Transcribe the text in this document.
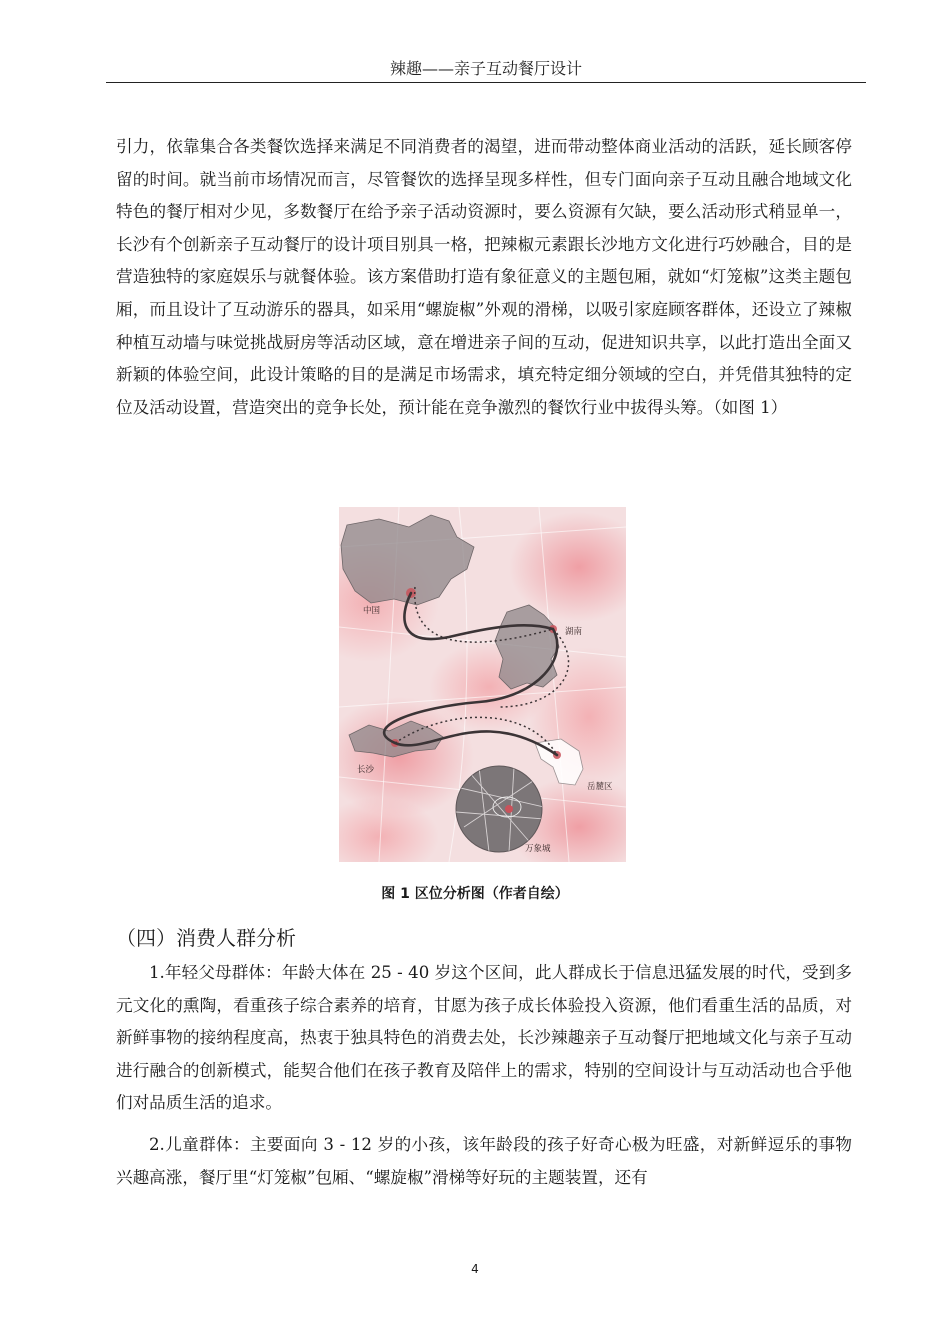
辣趣——亲子互动餐厅设计

引力，依靠集合各类餐饮选择来满足不同消费者的渴望，进而带动整体商业活动的活跃，延长顾客停留的时间。就当前市场情况而言，尽管餐饮的选择呈现多样性，但专门面向亲子互动且融合地域文化特色的餐厅相对少见，多数餐厅在给予亲子活动资源时，要么资源有欠缺，要么活动形式稍显单一，长沙有个创新亲子互动餐厅的设计项目别具一格，把辣椒元素跟长沙地方文化进行巧妙融合，目的是营造独特的家庭娱乐与就餐体验。该方案借助打造有象征意义的主题包厢，就如“灯笼椒”这类主题包厢，而且设计了互动游乐的器具，如采用“螺旋椒”外观的滑梯，以吸引家庭顾客群体，还设立了辣椒种植互动墙与味觉挑战厨房等活动区域，意在增进亲子间的互动，促进知识共享，以此打造出全面又新颖的体验空间，此设计策略的目的是满足市场需求，填充特定细分领域的空白，并凭借其独特的定位及活动设置，营造突出的竞争长处，预计能在竞争激烈的餐饮行业中拔得头筹。（如图 1）

中国
湖南
长沙
岳麓区
万象城
图 1 区位分析图（作者自绘）
（四）消费人群分析

1.年轻父母群体：年龄大体在 25 - 40 岁这个区间，此人群成长于信息迅猛发展的时代，受到多元文化的熏陶，看重孩子综合素养的培育，甘愿为孩子成长体验投入资源，他们看重生活的品质，对新鲜事物的接纳程度高，热衷于独具特色的消费去处，长沙辣趣亲子互动餐厅把地域文化与亲子互动进行融合的创新模式，能契合他们在孩子教育及陪伴上的需求，特别的空间设计与互动活动也合乎他们对品质生活的追求。

2.儿童群体：主要面向 3 - 12 岁的小孩，该年龄段的孩子好奇心极为旺盛，对新鲜逗乐的事物兴趣高涨，餐厅里“灯笼椒”包厢、“螺旋椒”滑梯等好玩的主题装置，还有

4
